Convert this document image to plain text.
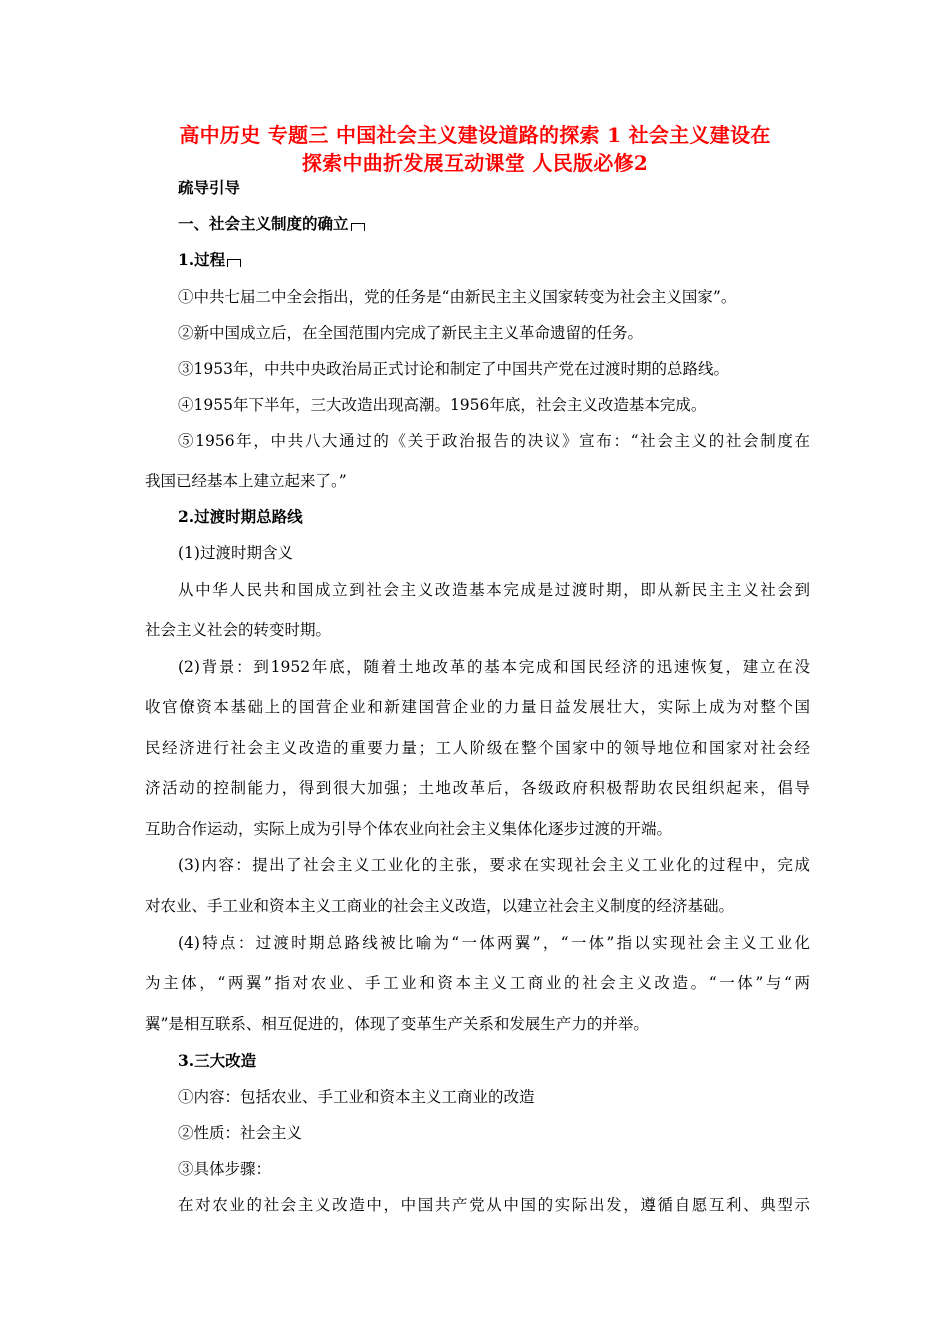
高中历史 专题三 中国社会主义建设道路的探索 1 社会主义建设在
探索中曲折发展互动课堂 人民版必修2
疏导引导
一、社会主义制度的确立
1.过程
①中共七届二中全会指出，党的任务是“由新民主主义国家转变为社会主义国家”。
②新中国成立后，在全国范围内完成了新民主主义革命遗留的任务。
③1953年，中共中央政治局正式讨论和制定了中国共产党在过渡时期的总路线。
④1955年下半年，三大改造出现高潮。1956年底，社会主义改造基本完成。
⑤1956年，中共八大通过的《关于政治报告的决议》宣布：“社会主义的社会制度在
我国已经基本上建立起来了。”
2.过渡时期总路线
(1)过渡时期含义
从中华人民共和国成立到社会主义改造基本完成是过渡时期，即从新民主主义社会到
社会主义社会的转变时期。
(2)背景：到1952年底，随着土地改革的基本完成和国民经济的迅速恢复，建立在没
收官僚资本基础上的国营企业和新建国营企业的力量日益发展壮大，实际上成为对整个国
民经济进行社会主义改造的重要力量；工人阶级在整个国家中的领导地位和国家对社会经
济活动的控制能力，得到很大加强；土地改革后，各级政府积极帮助农民组织起来，倡导
互助合作运动，实际上成为引导个体农业向社会主义集体化逐步过渡的开端。
(3)内容：提出了社会主义工业化的主张，要求在实现社会主义工业化的过程中，完成
对农业、手工业和资本主义工商业的社会主义改造，以建立社会主义制度的经济基础。
(4)特点：过渡时期总路线被比喻为“一体两翼”，“一体”指以实现社会主义工业化
为主体，“两翼”指对农业、手工业和资本主义工商业的社会主义改造。“一体”与“两
翼”是相互联系、相互促进的，体现了变革生产关系和发展生产力的并举。
3.三大改造
①内容：包括农业、手工业和资本主义工商业的改造
②性质：社会主义
③具体步骤：
在对农业的社会主义改造中，中国共产党从中国的实际出发，遵循自愿互利、典型示
